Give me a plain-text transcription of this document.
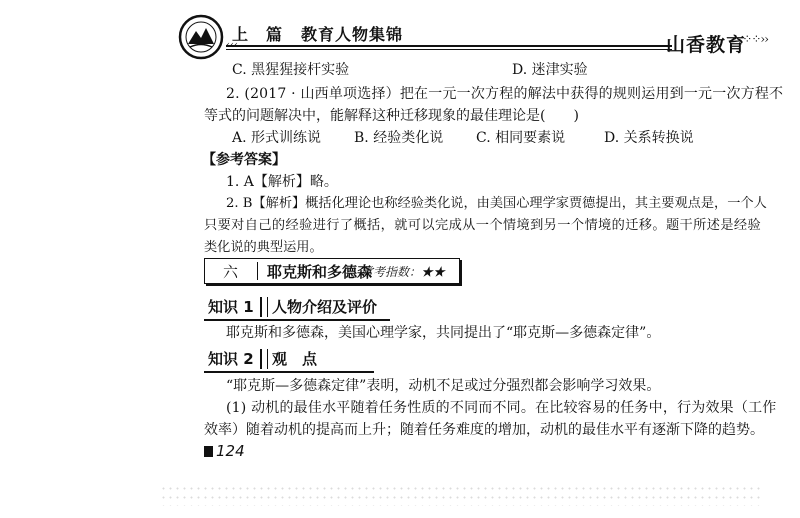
上　篇 教育人物集锦
‹‹‹	山香教育
⁘⁘››
C. 黑猩猩接杆实验	D. 迷津实验
2. (2017 · 山西单项选择）把在一元一次方程的解法中获得的规则运用到一元一次方程不
等式的问题解决中，能解释这种迁移现象的最佳理论是(　　)
A. 形式训练说 B. 经验类化说 C. 相同要素说	D. 关系转换说
【参考答案】
1. A【解析】略。
2. B【解析】概括化理论也称经验类化说，由美国心理学家贾德提出，其主要观点是，一个人
只要对自己的经验进行了概括，就可以完成从一个情境到另一个情境的迁移。题干所述是经验
类化说的典型运用。
六 耶克斯和多德森
常考指数：★★
知识 1 人物介绍及评价
耶克斯和多德森，美国心理学家，共同提出了“耶克斯—多德森定律”。
知识 2 观　点
“耶克斯—多德森定律”表明，动机不足或过分强烈都会影响学习效果。
(1) 动机的最佳水平随着任务性质的不同而不同。在比较容易的任务中，行为效果（工作
效率）随着动机的提高而上升；随着任务难度的增加，动机的最佳水平有逐渐下降的趋势。
124
